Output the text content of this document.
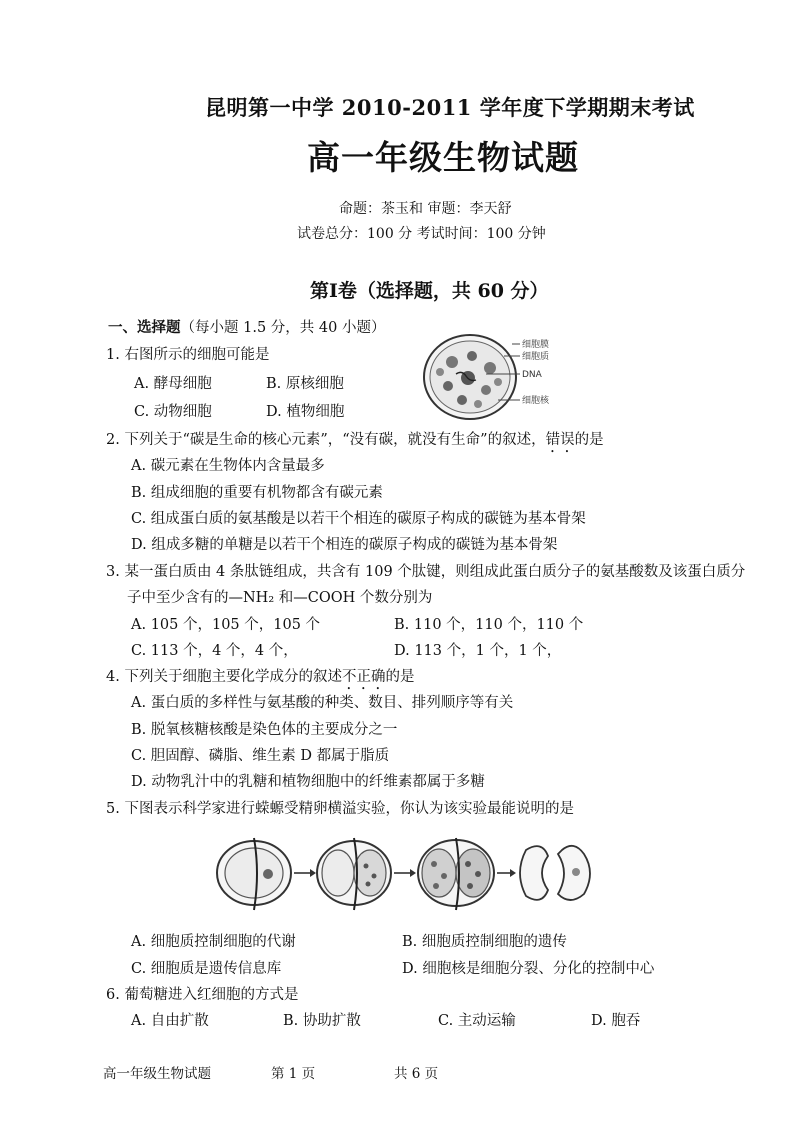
昆明第一中学 2010-2011 学年度下学期期末考试
高一年级生物试题
命题：茶玉和 审题：李天舒
试卷总分：100 分 考试时间：100 分钟
第Ⅰ卷（选择题，共 60 分）
一、选择题（每小题 1.5 分，共 40 小题）
1. 右图所示的细胞可能是
A. 酵母细胞	B. 原核细胞
C. 动物细胞	D. 植物细胞
细胞膜
细胞质
DNA
细胞核
2. 下列关于“碳是生命的核心元素”，“没有碳，就没有生命”的叙述，错误的是
A. 碳元素在生物体内含量最多
B. 组成细胞的重要有机物都含有碳元素
C. 组成蛋白质的氨基酸是以若干个相连的碳原子构成的碳链为基本骨架
D. 组成多糖的单糖是以若干个相连的碳原子构成的碳链为基本骨架
3. 某一蛋白质由 4 条肽链组成，共含有 109 个肽键，则组成此蛋白质分子的氨基酸数及该蛋白质分
子中至少含有的—NH₂ 和—COOH 个数分别为
A. 105 个，105 个，105 个	B. 110 个，110 个，110 个
C. 113 个，4 个，4 个，	D. 113 个，1 个，1 个，
4. 下列关于细胞主要化学成分的叙述不正确的是
A. 蛋白质的多样性与氨基酸的种类、数目、排列顺序等有关
B. 脱氧核糖核酸是染色体的主要成分之一
C. 胆固醇、磷脂、维生素 D 都属于脂质
D. 动物乳汁中的乳糖和植物细胞中的纤维素都属于多糖
5. 下图表示科学家进行蝾螈受精卵横溢实验，你认为该实验最能说明的是
A. 细胞质控制细胞的代谢	B. 细胞质控制细胞的遗传
C. 细胞质是遗传信息库	D. 细胞核是细胞分裂、分化的控制中心
6. 葡萄糖进入红细胞的方式是
A. 自由扩散	B. 协助扩散	C. 主动运输	D. 胞吞
高一年级生物试题	第 1 页	共 6 页
